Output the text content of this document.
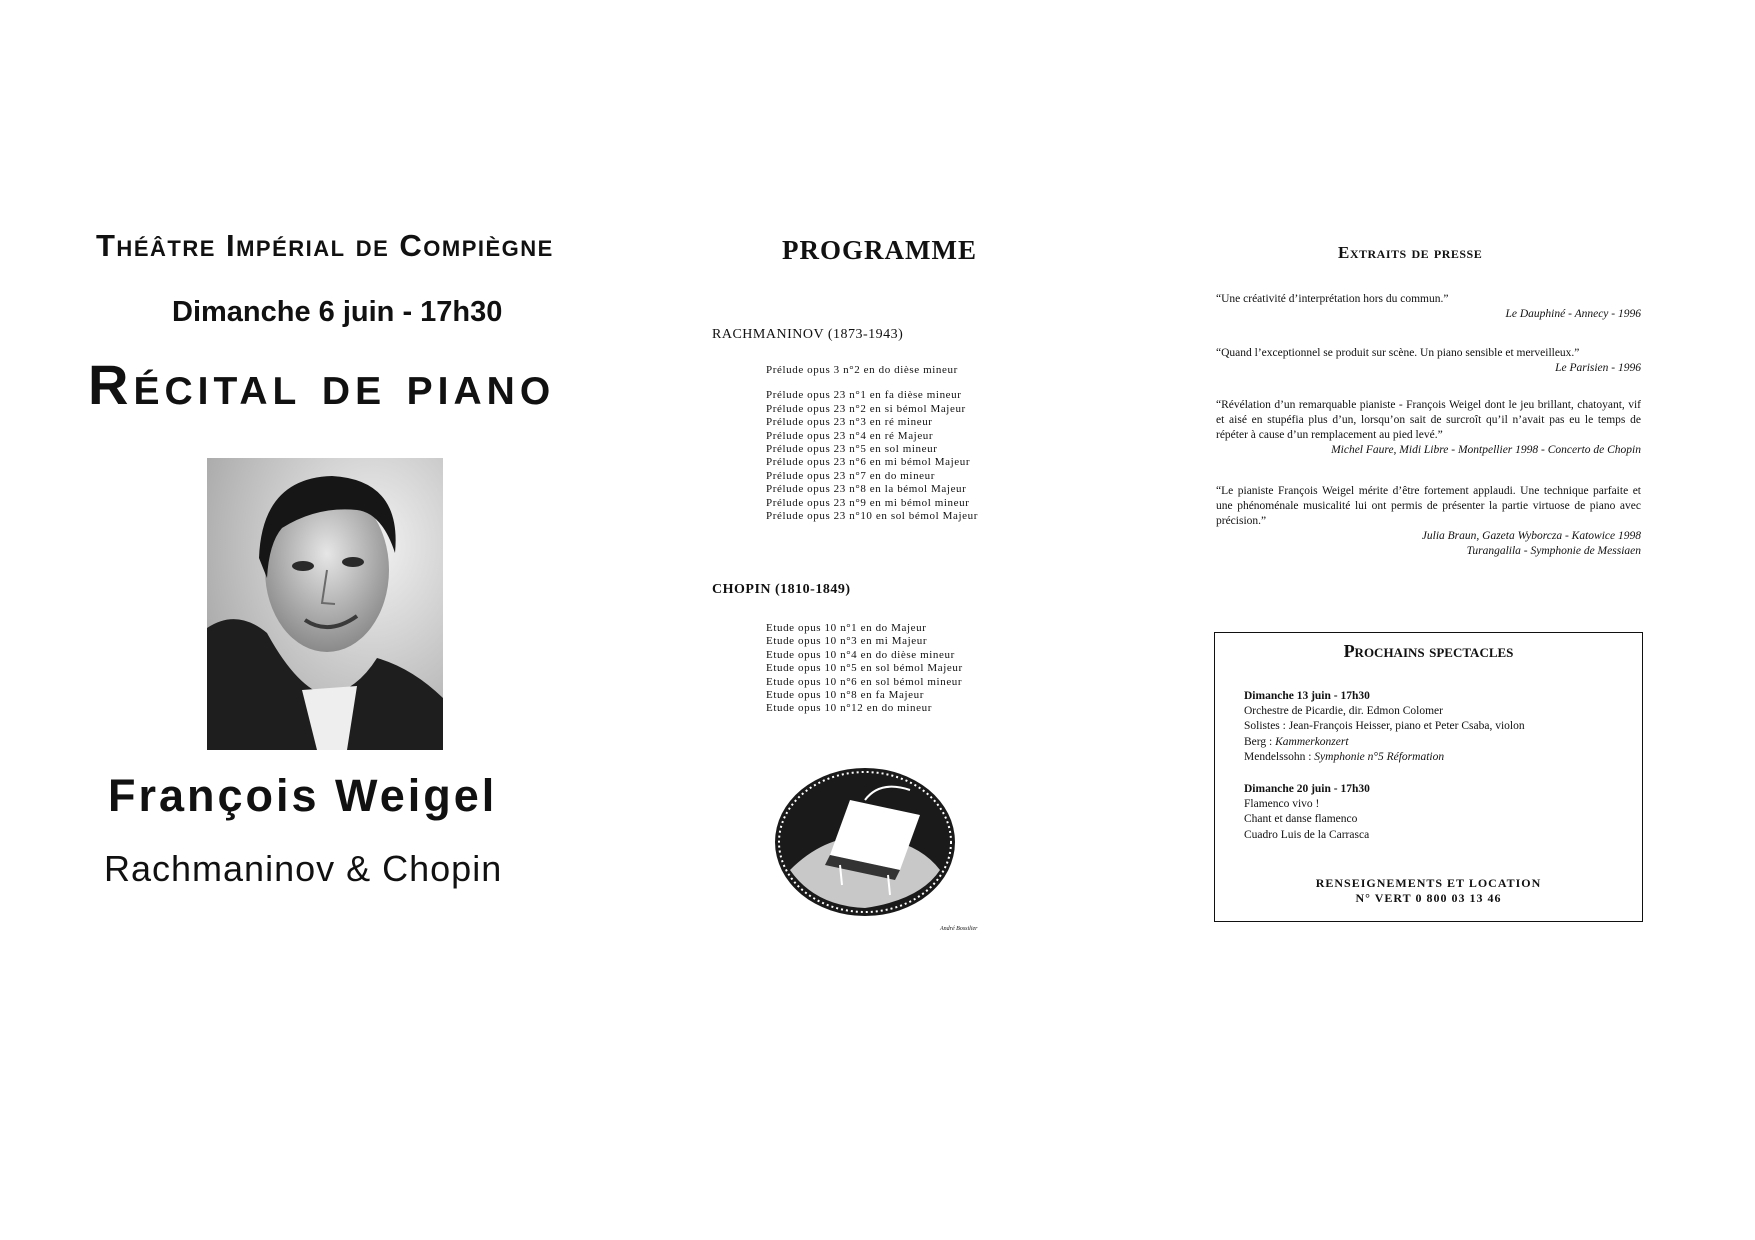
Théâtre Impérial de Compiègne
Dimanche 6 juin - 17h30
Récital de piano
François Weigel
Rachmaninov & Chopin
PROGRAMME
RACHMANINOV (1873-1943)
Prélude opus 3 n°2 en do dièse mineur
Prélude opus 23 n°1 en fa dièse mineur
Prélude opus 23 n°2 en si bémol Majeur
Prélude opus 23 n°3 en ré mineur
Prélude opus 23 n°4 en ré Majeur
Prélude opus 23 n°5 en sol mineur
Prélude opus 23 n°6 en mi bémol Majeur
Prélude opus 23 n°7 en do mineur
Prélude opus 23 n°8 en la bémol Majeur
Prélude opus 23 n°9 en mi bémol mineur
Prélude opus 23 n°10 en sol bémol Majeur
CHOPIN (1810-1849)
Etude opus 10 n°1 en do Majeur
Etude opus 10 n°3 en mi Majeur
Etude opus 10 n°4 en do dièse mineur
Etude opus 10 n°5 en sol bémol Majeur
Etude opus 10 n°6 en sol bémol mineur
Etude opus 10 n°8 en fa Majeur
Etude opus 10 n°12 en do mineur
André Bossilier
Extraits de presse
“Une créativité d’interprétation hors du commun.”
Le Dauphiné - Annecy - 1996
“Quand l’exceptionnel se produit sur scène. Un piano sensible et merveilleux.”
Le Parisien - 1996
“Révélation d’un remarquable pianiste - François Weigel dont le jeu brillant, chatoyant, vif et aisé en stupéfia plus d’un, lorsqu’on sait de surcroît qu’il n’avait pas eu le temps de répéter à cause d’un remplacement au pied levé.”
Michel Faure, Midi Libre - Montpellier 1998 - Concerto de Chopin
“Le pianiste François Weigel mérite d’être fortement applaudi. Une technique parfaite et une phénoménale musicalité lui ont permis de présenter la partie virtuose de piano avec précision.”
Julia Braun, Gazeta Wyborcza - Katowice 1998
Turangalila - Symphonie de Messiaen
Prochains spectacles
Dimanche 13 juin - 17h30
Orchestre de Picardie, dir. Edmon Colomer
Solistes : Jean-François Heisser, piano et Peter Csaba, violon
Berg : Kammerkonzert
Mendelssohn : Symphonie n°5 Réformation
Dimanche 20 juin - 17h30
Flamenco vivo !
Chant et danse flamenco
Cuadro Luis de la Carrasca
RENSEIGNEMENTS ET LOCATION
N° VERT 0 800 03 13 46
